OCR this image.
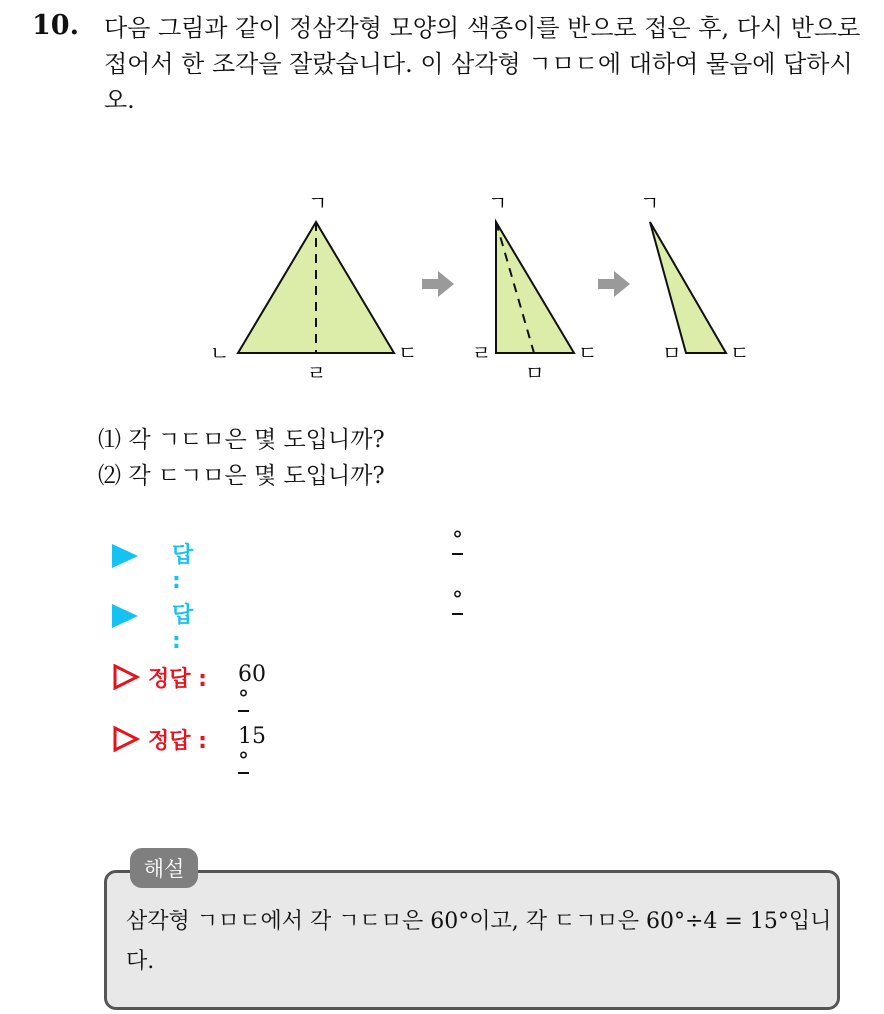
10. 다음 그림과 같이 정삼각형 모양의 색종이를 반으로 접은 후, 다시 반으로 접어서 한 조각을 잘랐습니다. 이 삼각형 ㄱㅁㄷ에 대하여 물음에 답하시오.
ㄱ
ㄴ
ㄹ
ㄷ
ㄱ
ㄹ
ㅁ
ㄷ
ㄱ
ㅁ ㄷ
⑴ 각 ㄱㄷㅁ은 몇 도입니까?
⑵ 각 ㄷㄱㅁ은 몇 도입니까?
답 :
°
답 :
°
정답 : 60°
정답 : 15°
해설
삼각형 ㄱㅁㄷ에서 각 ㄱㄷㅁ은 60°이고, 각 ㄷㄱㅁ은 60°÷4 = 15°입니다.
